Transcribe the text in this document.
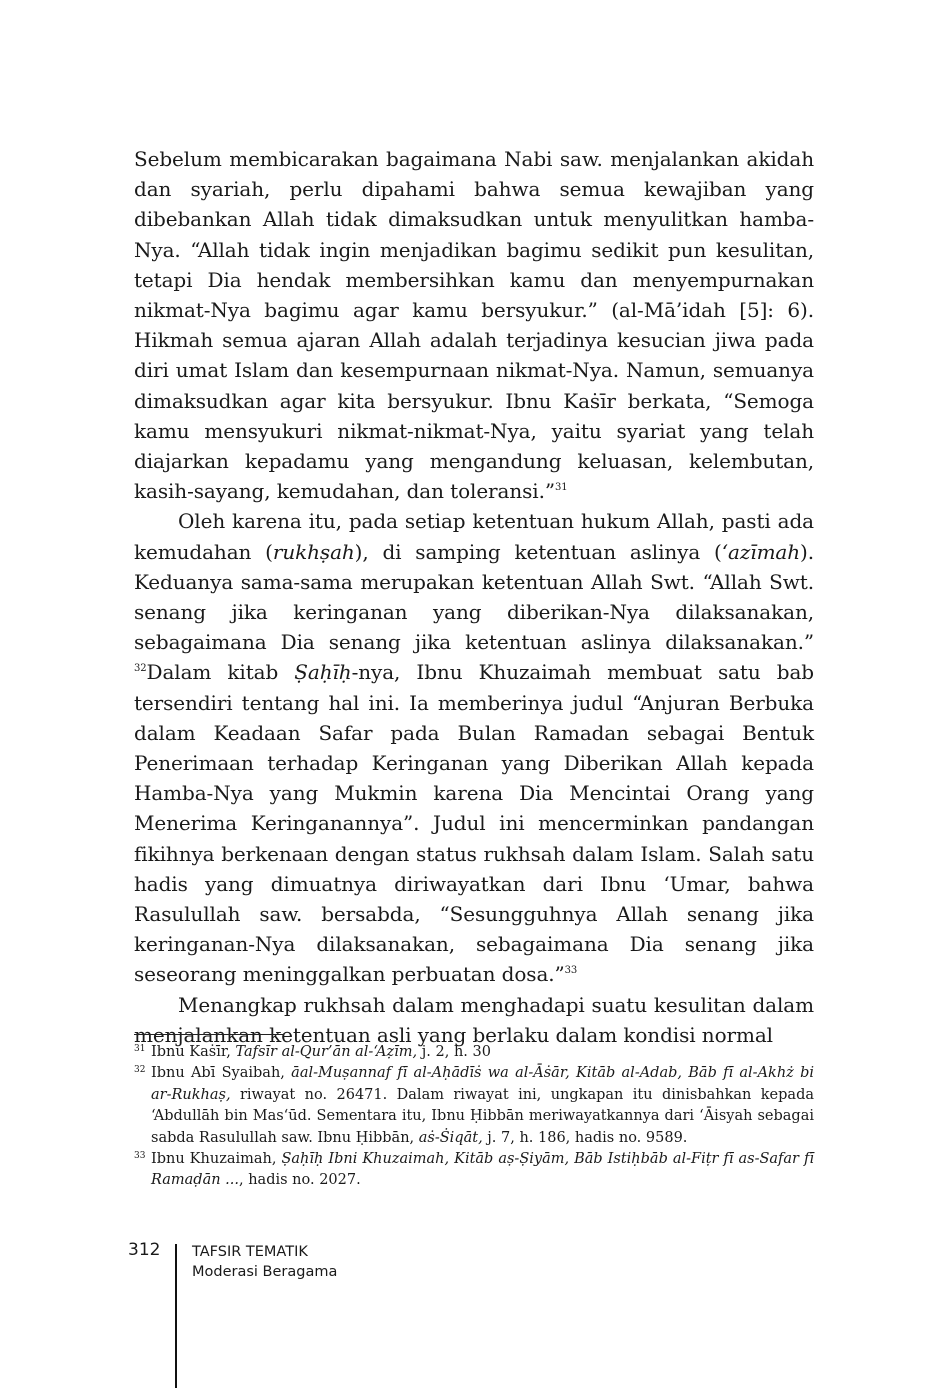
Sebelum membicarakan bagaimana Nabi saw. menjalankan akidah dan syariah, perlu dipahami bahwa semua kewajiban yang dibebankan Allah tidak dimaksudkan untuk menyulitkan hamba-Nya. “Allah tidak ingin menjadikan bagimu sedikit pun kesulitan, tetapi Dia hendak membersihkan kamu dan menyempurnakan nikmat-Nya bagimu agar kamu bersyukur.” (al-Mā’idah [5]: 6). Hikmah semua ajaran Allah adalah terjadinya kesucian jiwa pada diri umat Islam dan kesempurnaan nikmat-Nya. Namun, semuanya dimaksudkan agar kita bersyukur. Ibnu Kaṡīr berkata, “Semoga kamu mensyukuri nikmat-nikmat-Nya, yaitu syariat yang telah diajarkan kepadamu yang mengandung keluasan, kelembutan, kasih-sayang, kemudahan, dan toleransi.”$^{31}$

Oleh karena itu, pada setiap ketentuan hukum Allah, pasti ada kemudahan (rukhṣah), di samping ketentuan aslinya (‘azīmah). Keduanya sama-sama merupakan ketentuan Allah Swt. “Allah Swt. senang jika keringanan yang diberikan-Nya dilaksanakan, sebagaimana Dia senang jika ketentuan aslinya dilaksanakan.” $^{32}$Dalam kitab Ṣaḥīḥ-nya, Ibnu Khuzaimah membuat satu bab tersendiri tentang hal ini. Ia memberinya judul “Anjuran Berbuka dalam Keadaan Safar pada Bulan Ramadan sebagai Bentuk Penerimaan terhadap Keringanan yang Diberikan Allah kepada Hamba-Nya yang Mukmin karena Dia Mencintai Orang yang Menerima Keringanannya”. Judul ini mencerminkan pandangan fikihnya berkenaan dengan status rukhsah dalam Islam. Salah satu hadis yang dimuatnya diriwayatkan dari Ibnu ‘Umar, bahwa Rasulullah saw. bersabda, “Sesungguhnya Allah senang jika keringanan-Nya dilaksanakan, sebagaimana Dia senang jika seseorang meninggalkan perbuatan dosa.”$^{33}$

Menangkap rukhsah dalam menghadapi suatu kesulitan dalam menjalankan ketentuan asli yang berlaku dalam kondisi normal

31 Ibnu Kaṡīr, Tafsīr al-Qur’ān al-‘Aẓīm, j. 2, h. 30
32 Ibnu Abī Syaibah, āal-Muṣannaf fī al-Aḥādīṡ wa al-Āṡār, Kitāb al-Adab, Bāb fī al-Akhż bi ar-Rukhaṣ, riwayat no. 26471. Dalam riwayat ini, ungkapan itu dinisbahkan kepada ‘Abdullāh bin Mas‘ūd. Sementara itu, Ibnu Ḥibbān meriwayatkannya dari ‘Āisyah sebagai sabda Rasulullah saw. Ibnu Ḥibbān, aṡ-Ṡiqāt, j. 7, h. 186, hadis no. 9589.
33 Ibnu Khuzaimah, Ṣaḥīḥ Ibni Khuzaimah, Kitāb aṣ-Ṣiyām, Bāb Istiḥbāb al-Fiṭr fī as-Safar fī Ramaḍān ..., hadis no. 2027.
312 TAFSIR TEMATIK
Moderasi Beragama
